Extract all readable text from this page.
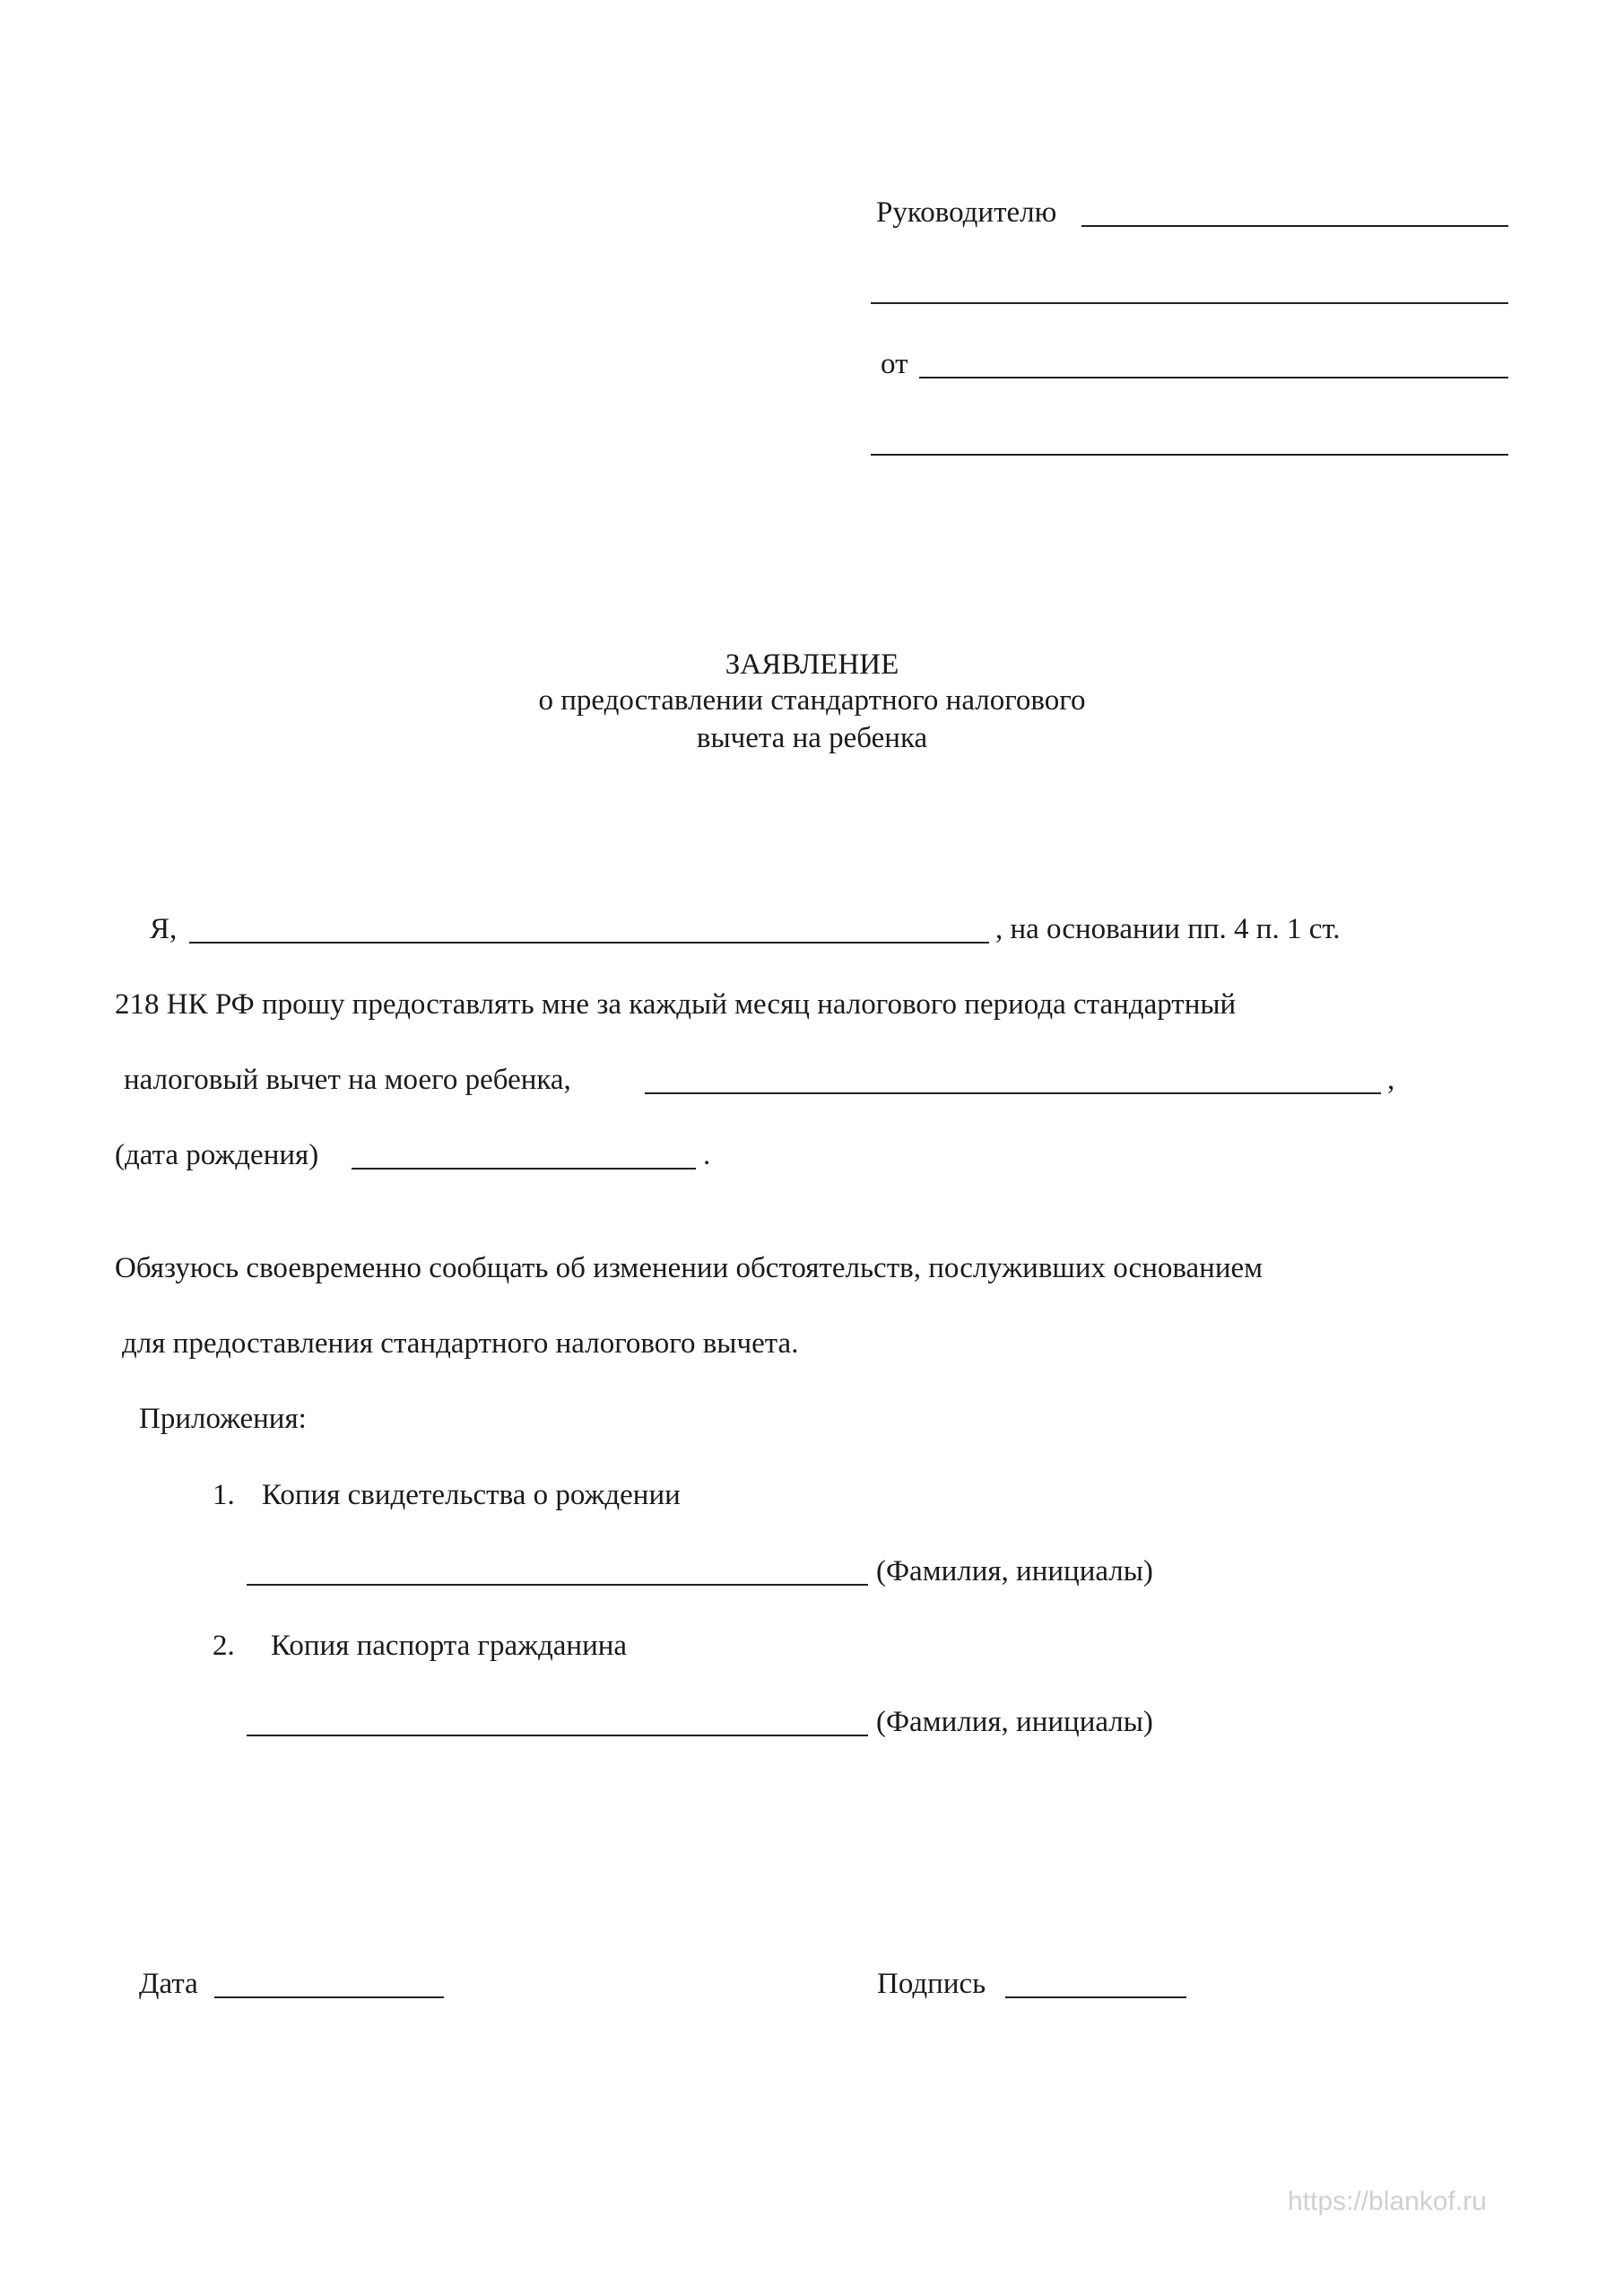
Руководителю
от
ЗАЯВЛЕНИЕ
о предоставлении стандартного налогового
вычета на ребенка
Я,	, на основании пп. 4 п. 1 ст.
218 НК РФ прошу предоставлять мне за каждый месяц налогового периода стандартный
налоговый вычет на моего ребенка,	,
(дата рождения)	.
Обязуюсь своевременно сообщать об изменении обстоятельств, послуживших основанием
для предоставления стандартного налогового вычета.
Приложения:
1. Копия свидетельства о рождении
(Фамилия, инициалы)
2. Копия паспорта гражданина
(Фамилия, инициалы)
Дата	Подпись
https://blankof.ru
